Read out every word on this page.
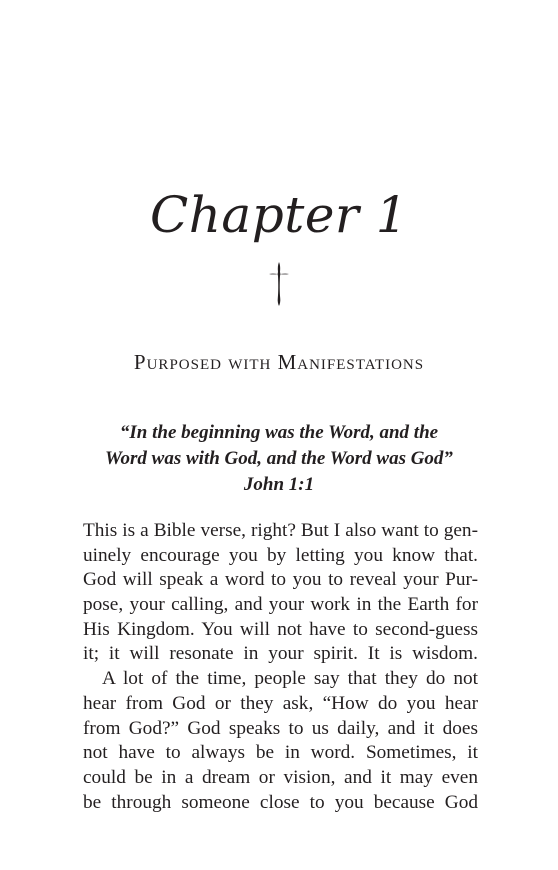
Chapter 1
Purposed with Manifestations
“In the beginning was the Word, and the
Word was with God, and the Word was God”
John 1:1
This is a Bible verse, right? But I also want to gen-
uinely encourage you by letting you know that.
God will speak a word to you to reveal your Pur-
pose, your calling, and your work in the Earth for
His Kingdom. You will not have to second-guess
it; it will resonate in your spirit. It is wisdom.
A lot of the time, people say that they do not
hear from God or they ask, “How do you hear
from God?” God speaks to us daily, and it does
not have to always be in word. Sometimes, it
could be in a dream or vision, and it may even
be through someone close to you because God
